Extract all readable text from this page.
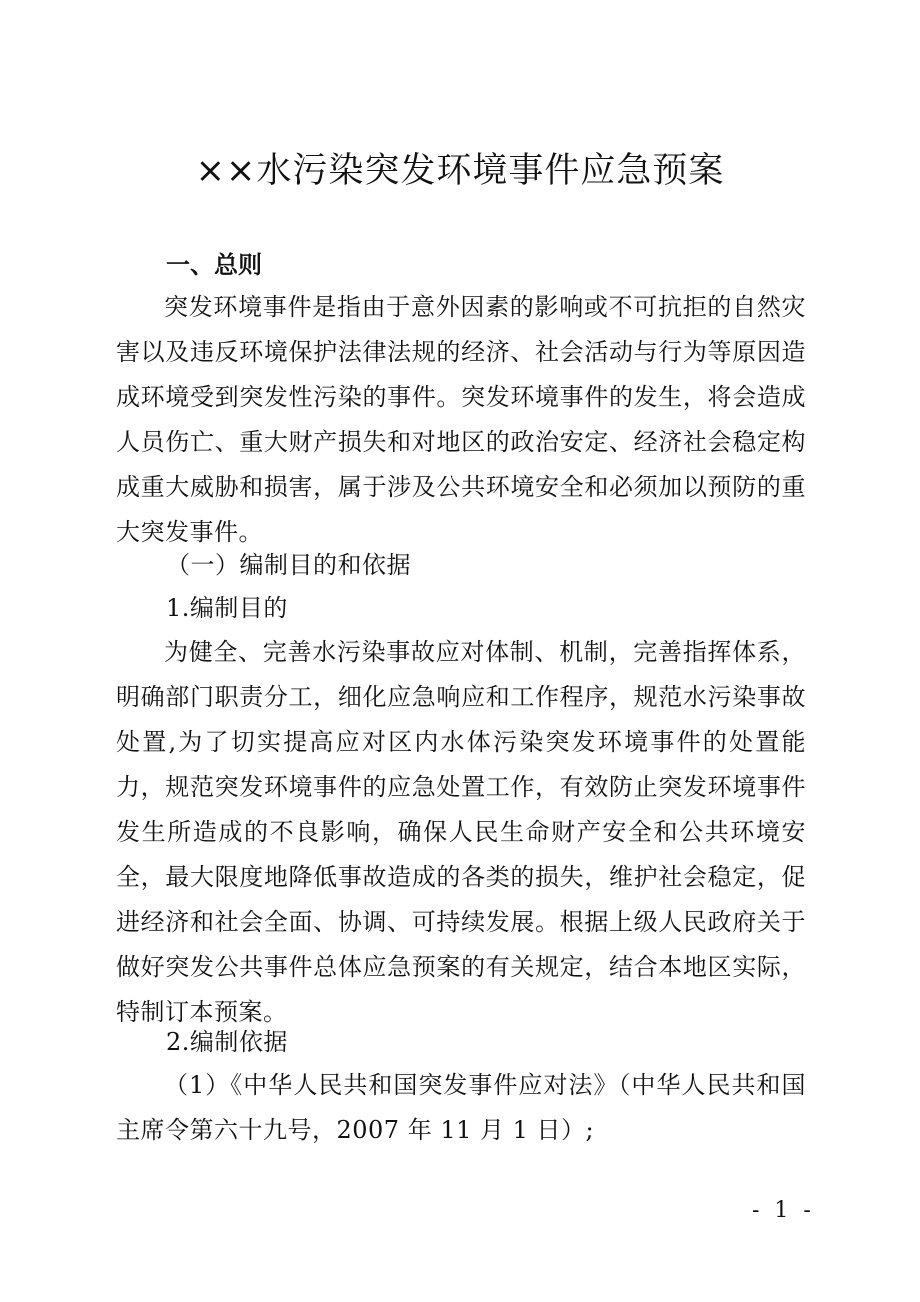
××水污染突发环境事件应急预案
一、总则

突发环境事件是指由于意外因素的影响或不可抗拒的自然灾害以及违反环境保护法律法规的经济、社会活动与行为等原因造成环境受到突发性污染的事件。突发环境事件的发生，将会造成人员伤亡、重大财产损失和对地区的政治安定、经济社会稳定构成重大威胁和损害，属于涉及公共环境安全和必须加以预防的重大突发事件。

（一）编制目的和依据
1.编制目的

为健全、完善水污染事故应对体制、机制，完善指挥体系，明确部门职责分工，细化应急响应和工作程序，规范水污染事故处置,为了切实提高应对区内水体污染突发环境事件的处置能力，规范突发环境事件的应急处置工作，有效防止突发环境事件发生所造成的不良影响，确保人民生命财产安全和公共环境安全，最大限度地降低事故造成的各类的损失，维护社会稳定，促进经济和社会全面、协调、可持续发展。根据上级人民政府关于做好突发公共事件总体应急预案的有关规定，结合本地区实际，特制订本预案。

2.编制依据

（1）《中华人民共和国突发事件应对法》（中华人民共和国主席令第六十九号，2007 年 11 月 1 日）;

- 1 -
